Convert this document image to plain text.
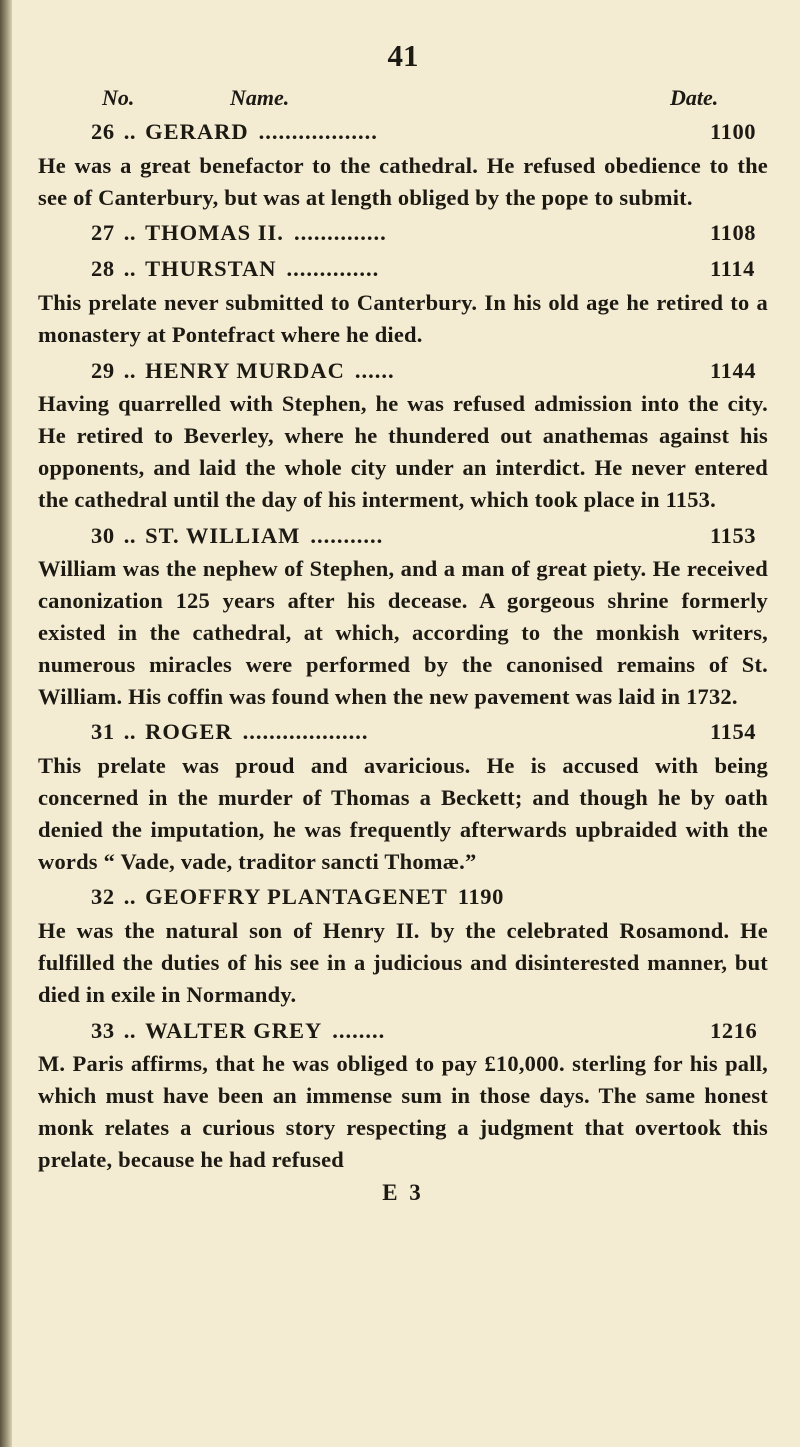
41
No.	Name.	Date.
26 .. GERARD ..................	1100
He was a great benefactor to the cathedral. He refused obedience to the see of Canterbury, but was at length obliged by the pope to submit.
27 .. THOMAS II. ..............	1108
28 .. THURSTAN ..............	1114
This prelate never submitted to Canterbury. In his old age he retired to a monastery at Pontefract where he died.
29 .. HENRY MURDAC ......	1144
Having quarrelled with Stephen, he was refused admission into the city. He retired to Beverley, where he thundered out anathemas against his opponents, and laid the whole city under an interdict. He never entered the cathedral until the day of his interment, which took place in 1153.
30 .. ST. WILLIAM ...........	1153
William was the nephew of Stephen, and a man of great piety. He received canonization 125 years after his decease. A gorgeous shrine formerly existed in the cathedral, at which, according to the monkish writers, numerous miracles were performed by the canonised remains of St. William. His coffin was found when the new pavement was laid in 1732.
31 .. ROGER ...................	1154
This prelate was proud and avaricious. He is accused with being concerned in the murder of Thomas a Beckett; and though he by oath denied the imputation, he was frequently afterwards upbraided with the words “ Vade, vade, traditor sancti Thomæ.”
32 .. GEOFFRY PLANTAGENET 1190
He was the natural son of Henry II. by the celebrated Rosamond. He fulfilled the duties of his see in a judicious and disinterested manner, but died in exile in Normandy.
33 .. WALTER GREY ........	1216
M. Paris affirms, that he was obliged to pay £10,000. sterling for his pall, which must have been an immense sum in those days. The same honest monk relates a curious story respecting a judgment that overtook this prelate, because he had refused
E 3
